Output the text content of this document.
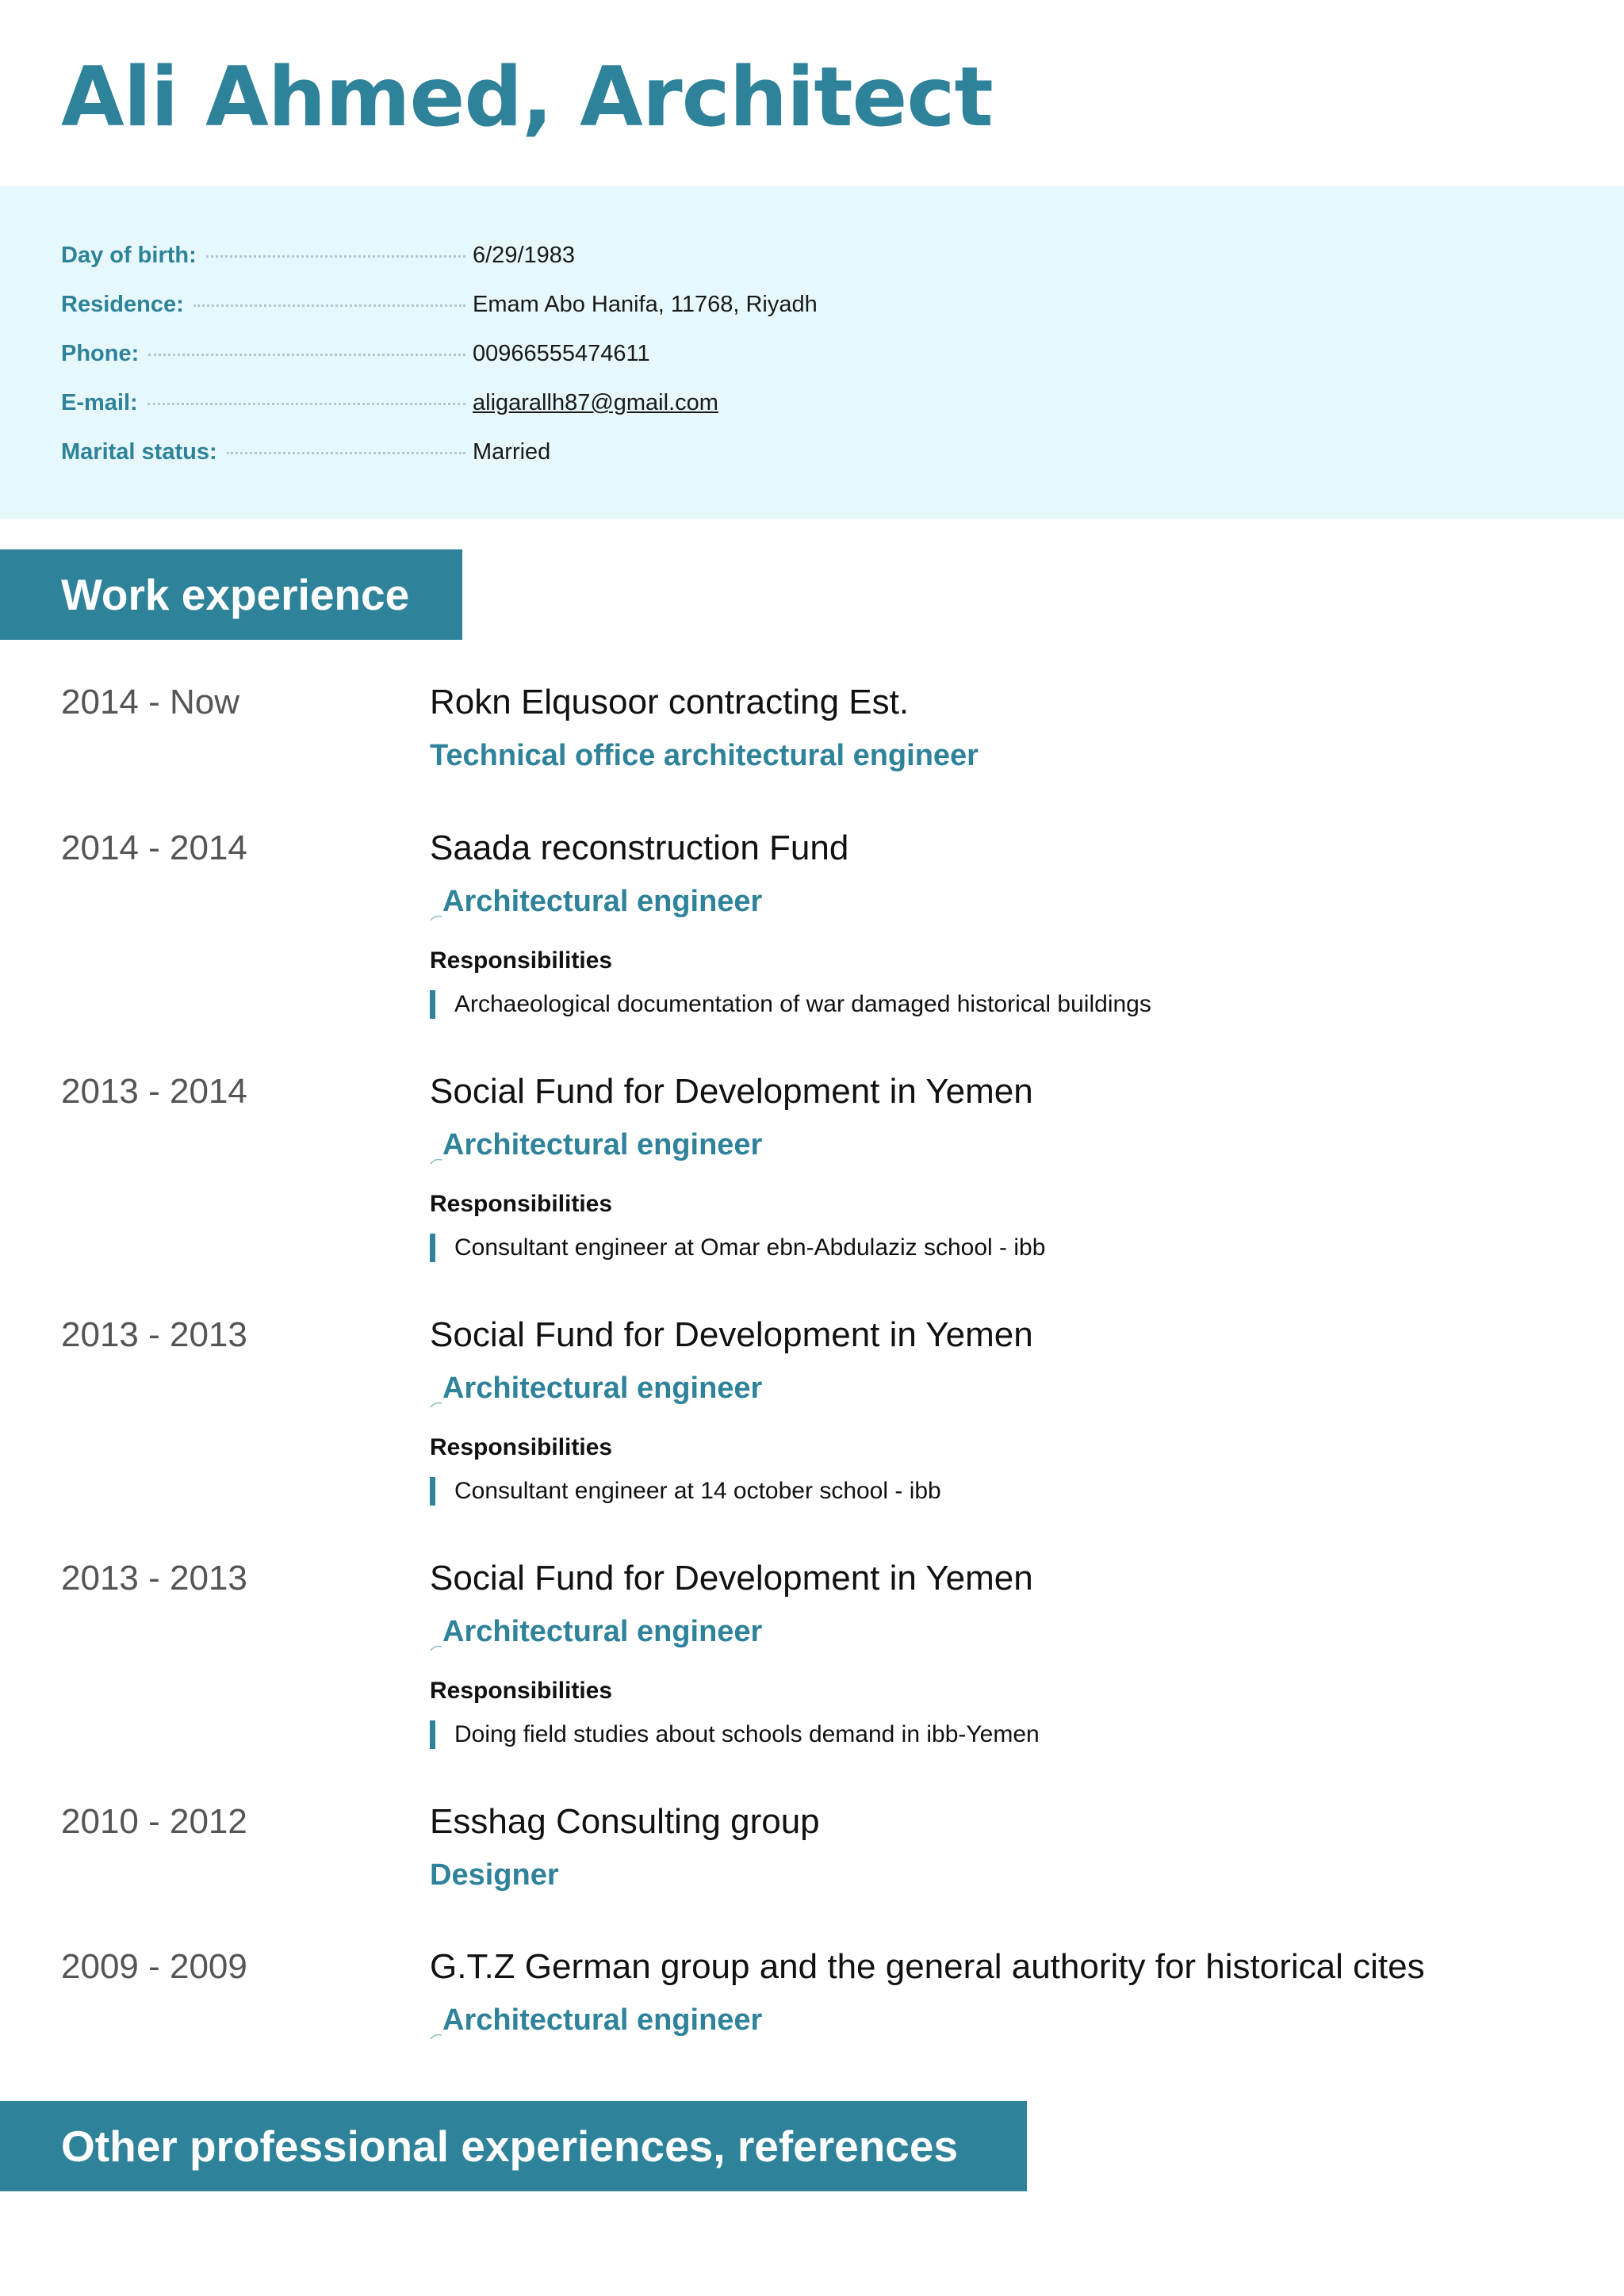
Ali Ahmed, Architect
Day of birth:	6/29/1983
Residence:	Emam Abo Hanifa, 11768, Riyadh
Phone:	00966555474611
E-mail:	aligarallh87@gmail.com
Marital status:	Married
Work experience
2014 - Now	Rokn Elqusoor contracting Est.
Technical office architectural engineer
2014 - 2014	Saada reconstruction Fund
Architectural engineer
Responsibilities
Archaeological documentation of war damaged historical buildings
2013 - 2014	Social Fund for Development in Yemen
Architectural engineer
Responsibilities
Consultant engineer at Omar ebn-Abdulaziz school - ibb
2013 - 2013	Social Fund for Development in Yemen
Architectural engineer
Responsibilities
Consultant engineer at 14 october school - ibb
2013 - 2013	Social Fund for Development in Yemen
Architectural engineer
Responsibilities
Doing field studies about schools demand in ibb-Yemen
2010 - 2012	Esshag Consulting group
Designer
2009 - 2009	G.T.Z German group and the general authority for historical cites
Architectural engineer
Other professional experiences, references
